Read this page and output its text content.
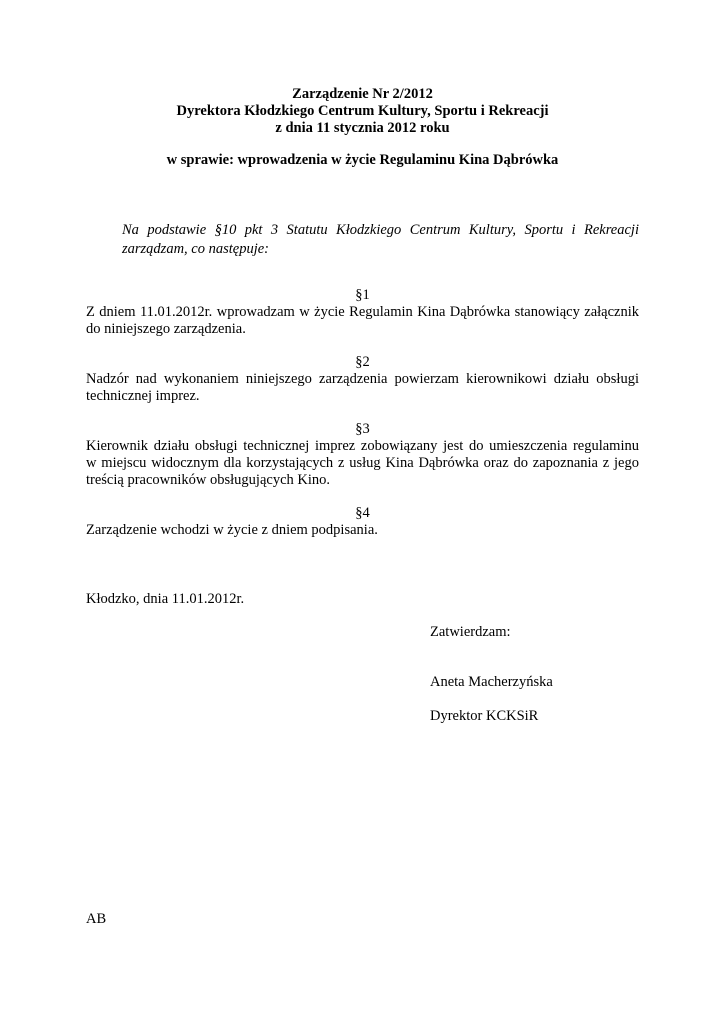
Zarządzenie Nr 2/2012
Dyrektora Kłodzkiego Centrum Kultury, Sportu i Rekreacji
z dnia 11 stycznia 2012 roku
w sprawie: wprowadzenia w życie Regulaminu Kina Dąbrówka
Na podstawie §10 pkt 3 Statutu Kłodzkiego Centrum Kultury, Sportu i Rekreacji
zarządzam, co następuje:
§1
Z dniem 11.01.2012r. wprowadzam w życie Regulamin Kina Dąbrówka stanowiący załącznik
do niniejszego zarządzenia.
§2
Nadzór nad wykonaniem niniejszego zarządzenia powierzam kierownikowi działu obsługi
technicznej imprez.
§3
Kierownik działu obsługi technicznej imprez zobowiązany jest do umieszczenia regulaminu
w miejscu widocznym dla korzystających z usług Kina Dąbrówka oraz do zapoznania z jego
treścią pracowników obsługujących Kino.
§4
Zarządzenie wchodzi w życie z dniem podpisania.
Kłodzko, dnia 11.01.2012r.
Zatwierdzam:
Aneta Macherzyńska
Dyrektor KCKSiR
AB
